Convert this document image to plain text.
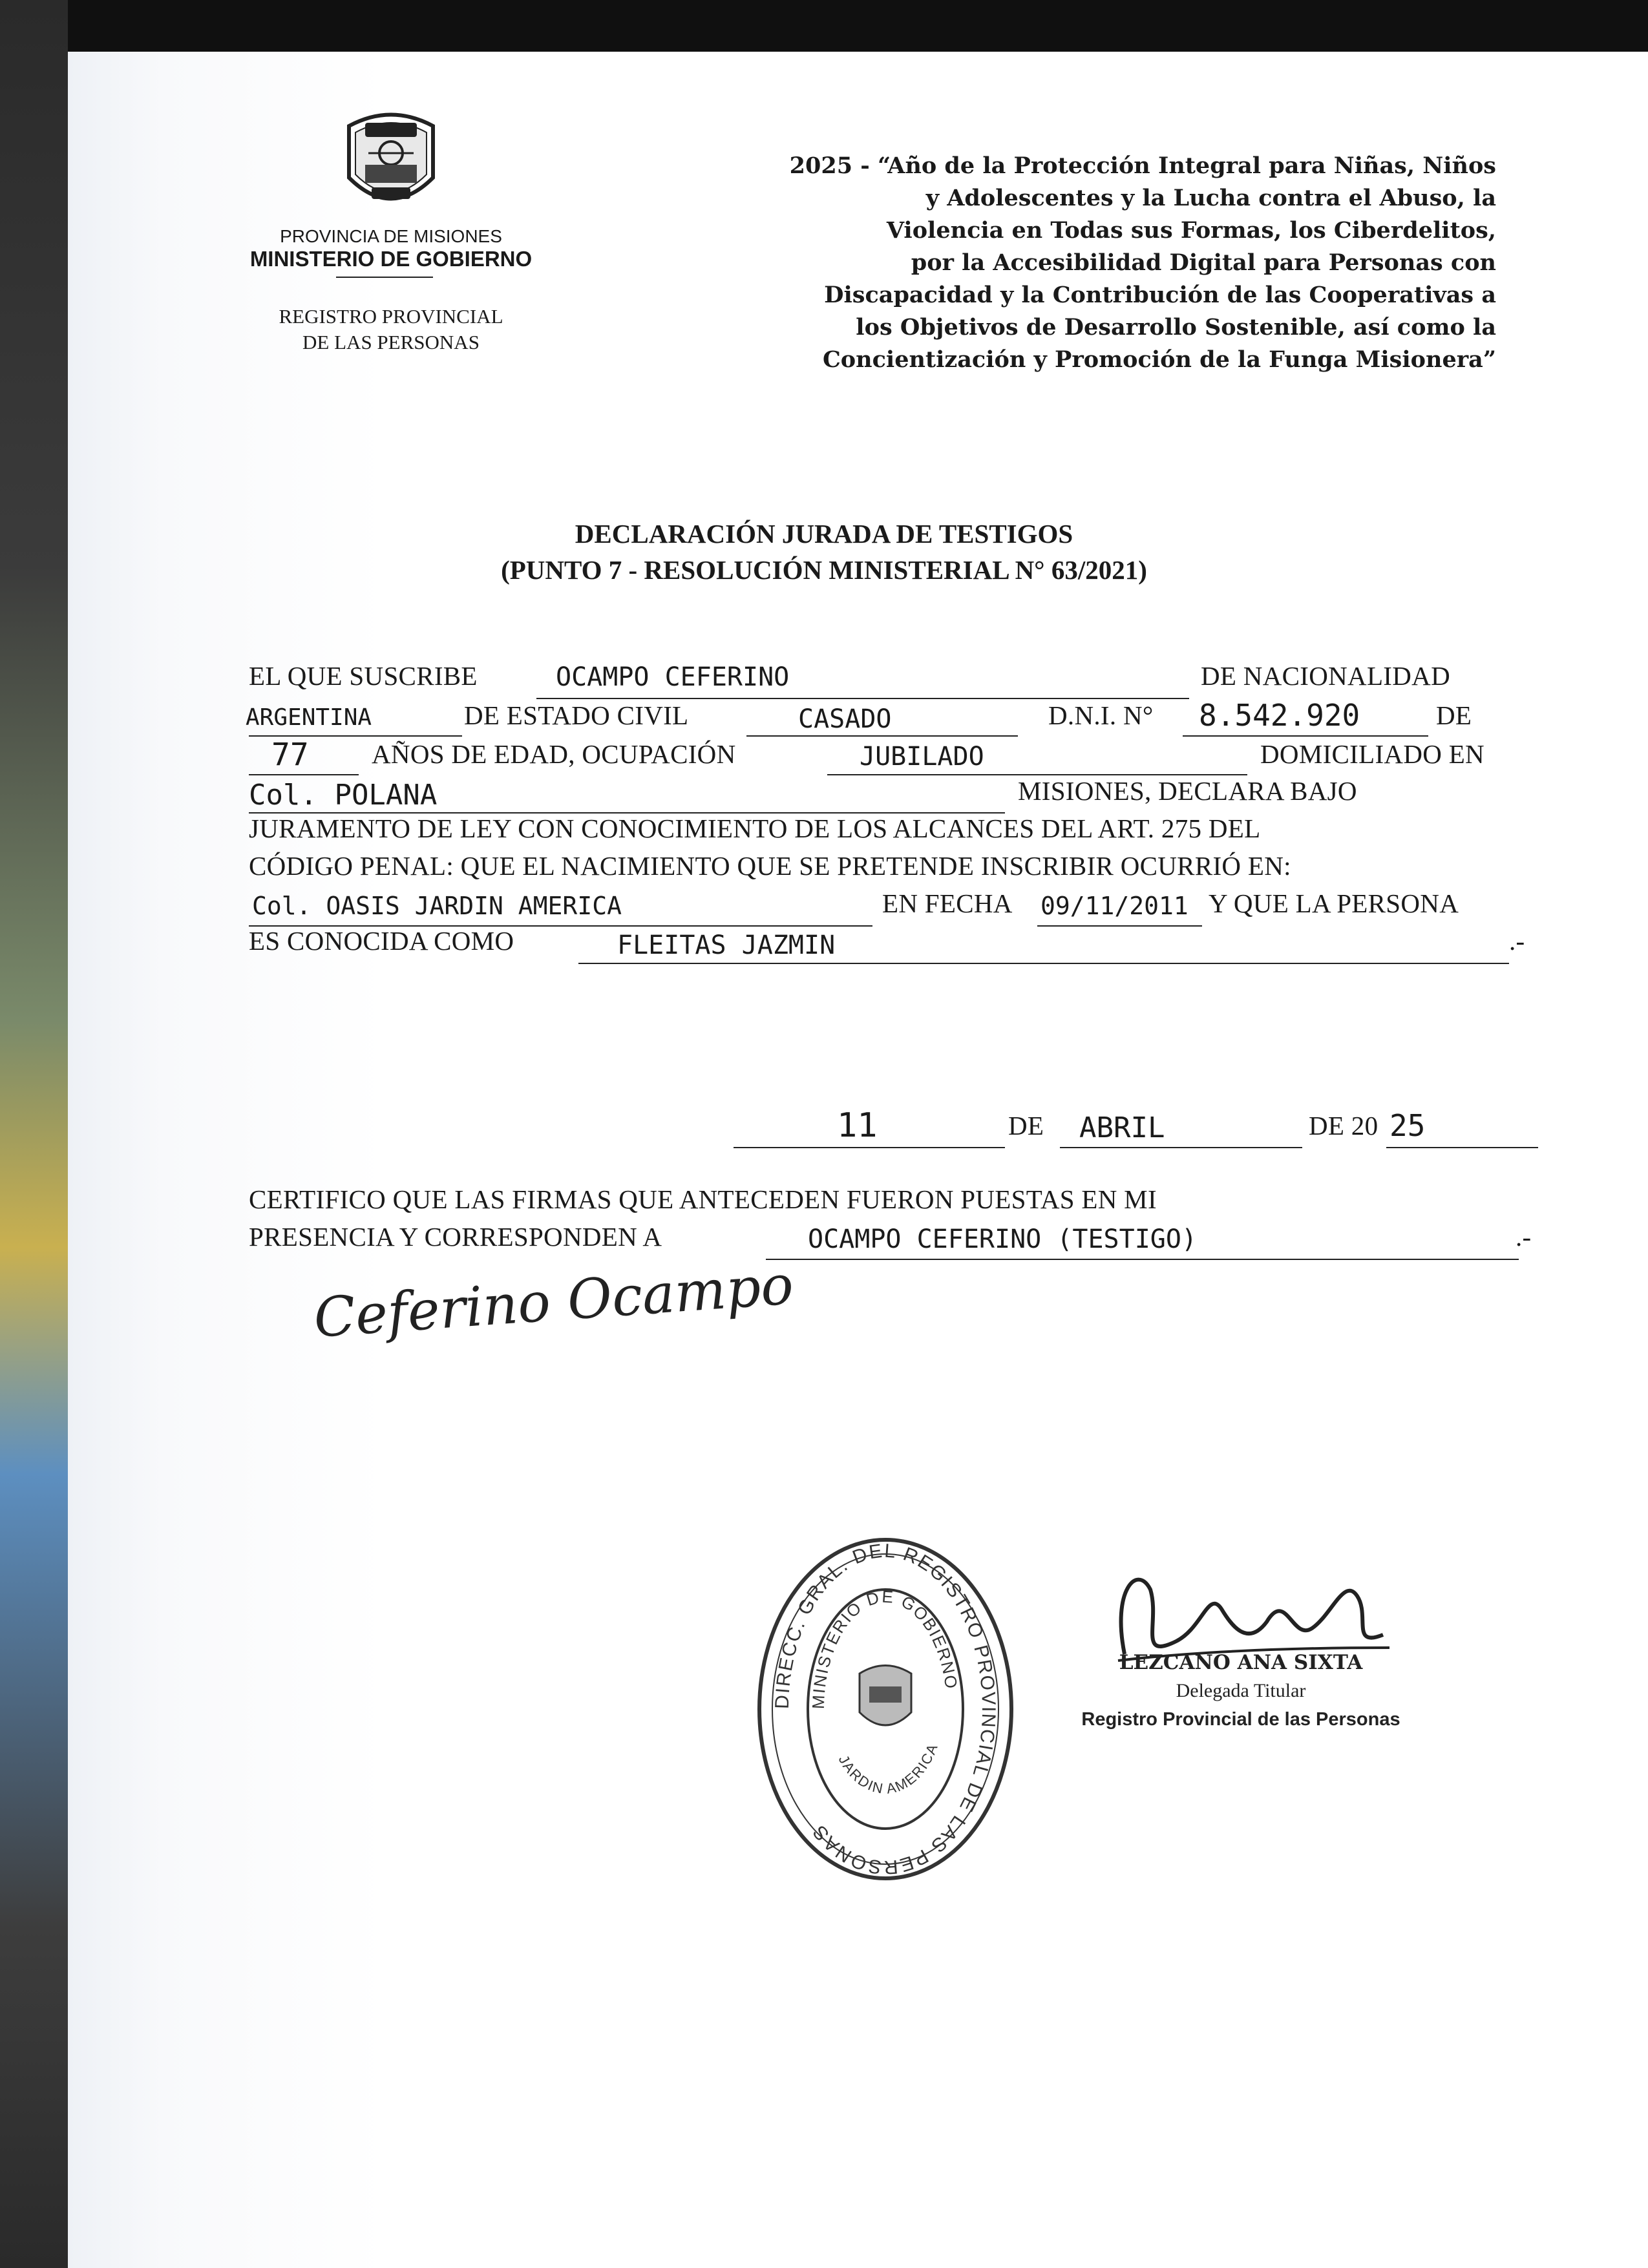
PROVINCIA DE MISIONES
MINISTERIO DE GOBIERNO
REGISTRO PROVINCIAL
DE LAS PERSONAS
2025 - “Año de la Protección Integral para Niñas, Niños
y Adolescentes y la Lucha contra el Abuso, la
Violencia en Todas sus Formas, los Ciberdelitos,
por la Accesibilidad Digital para Personas con
Discapacidad y la Contribución de las Cooperativas a
los Objetivos de Desarrollo Sostenible, así como la
Concientización y Promoción de la Funga Misionera”
DECLARACIÓN JURADA DE TESTIGOS
(PUNTO 7 - RESOLUCIÓN MINISTERIAL N° 63/2021)
EL QUE SUSCRIBE	OCAMPO CEFERINO	DE NACIONALIDAD
ARGENTINA	DE ESTADO CIVIL	CASADO	D.N.I. N° 8.542.920	DE
77 AÑOS DE EDAD, OCUPACIÓN	JUBILADO	DOMICILIADO EN
Col. POLANA	MISIONES, DECLARA BAJO
JURAMENTO DE LEY CON CONOCIMIENTO DE LOS ALCANCES DEL ART. 275 DEL
CÓDIGO PENAL: QUE EL NACIMIENTO QUE SE PRETENDE INSCRIBIR OCURRIÓ EN:
Col. OASIS JARDIN AMERICA	EN FECHA 09/11/2011 Y QUE LA PERSONA
ES CONOCIDA COMO	FLEITAS JAZMIN	.-
11	DE ABRIL	DE 20 25
CERTIFICO QUE LAS FIRMAS QUE ANTECEDEN FUERON PUESTAS EN MI
PRESENCIA Y CORRESPONDEN A	OCAMPO CEFERINO (TESTIGO)	.-
Ceferino Ocampo
DIRECC. GRAL. DEL REGISTRO PROVINCIAL DE LAS PERSONAS
MINISTERIO DE GOBIERNO
JARDIN AMERICA
LEZCANO ANA SIXTA
Delegada Titular
Registro Provincial de las Personas
